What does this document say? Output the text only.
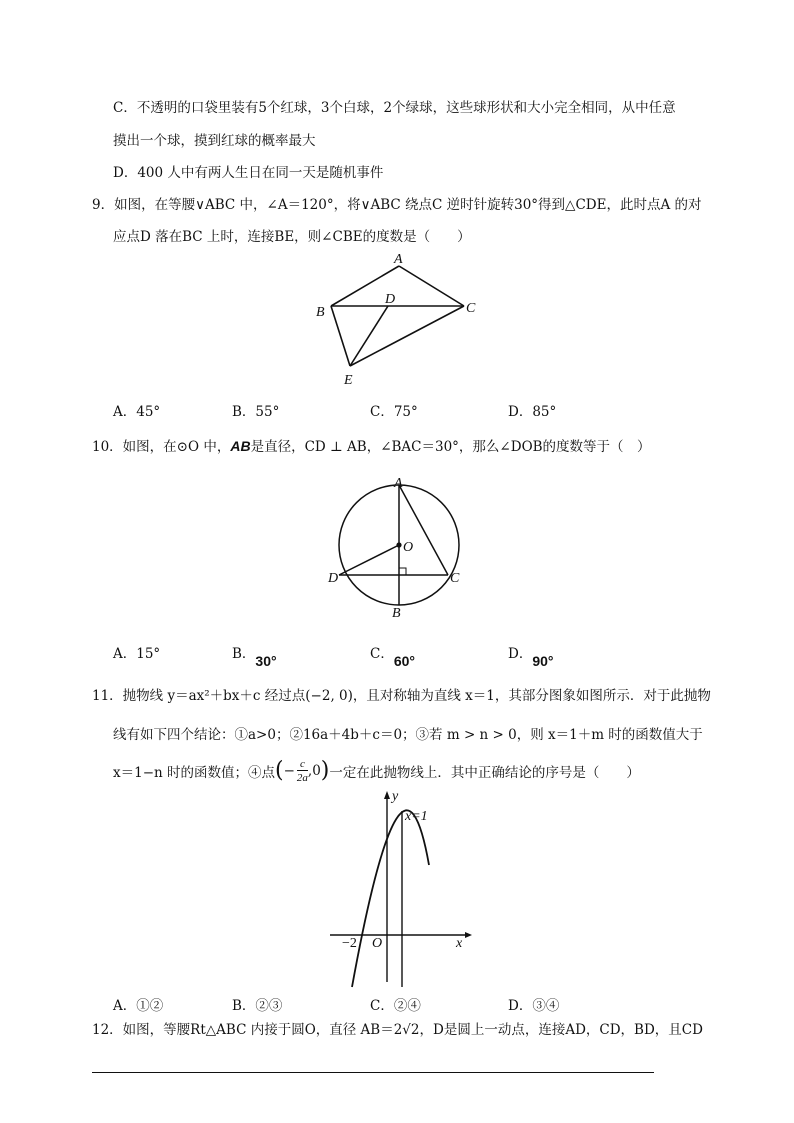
C．不透明的口袋里装有5个红球，3个白球，2个绿球，这些球形状和大小完全相同，从中任意
摸出一个球，摸到红球的概率最大
D．400 人中有两人生日在同一天是随机事件
9．如图，在等腰∨ABC 中，∠A＝120°，将∨ABC 绕点C 逆时针旋转30°得到△CDE，此时点A 的对
应点D 落在BC 上时，连接BE，则∠CBE的度数是（　　）
A
B
D
C
E
A．45°	B．55°	C．75°	D．85°
10．如图，在⊙O 中，AB是直径，CD ⊥ AB，∠BAC＝30°，那么∠DOB的度数等于（　）
A
O
D	C
B
A．15°	B．30°	C．60°	D．90°
11．抛物线 y＝ax²＋bx＋c 经过点(−2, 0)，且对称轴为直线 x＝1，其部分图象如图所示．对于此抛物
线有如下四个结论：①a>0；②16a＋4b＋c＝0；③若 m > n > 0，则 x＝1＋m 时的函数值大于
x＝1−n 时的函数值；④点 ( − $\frac{c}{2a} ,0$ ) 一定在此抛物线上．其中正确结论的序号是（　　）
y
x=1
x
O
−2
A．①②	B．②③	C．②④	D．③④
12．如图，等腰Rt△ABC 内接于圆O，直径 AB＝2√2，D是圆上一动点，连接AD，CD，BD，且CD
